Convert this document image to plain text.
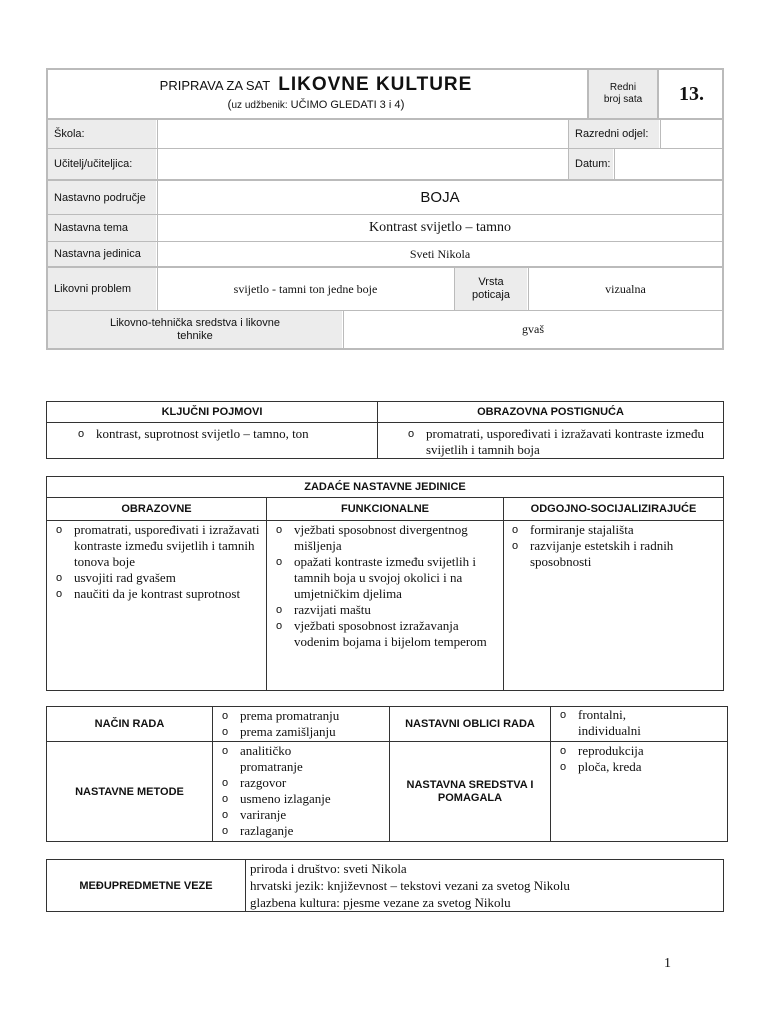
PRIPRAVA ZA SAT LIKOVNE KULTURE
(uz udžbenik: UČIMO GLEDATI 3 i 4)
Redni broj sata 13.
Škola:	Razredni odjel:
Učitelj/učiteljica:	Datum:
Nastavno područje	BOJA
Nastavna tema	Kontrast svijetlo – tamno
Nastavna jedinica	Sveti Nikola
Likovni problem	svijetlo - tamni ton jedne boje	Vrsta poticaja	vizualna
Likovno-tehnička sredstva i likovne tehnike	gvaš
KLJUČNI POJMOVI	OBRAZOVNA POSTIGNUĆA
o kontrast, suprotnost svijetlo – tamno, ton
o	promatrati, uspoređivati i izražavati kontraste između svijetlih i tamnih boja
ZADAĆE NASTAVNE JEDINICE
OBRAZOVNE	FUNKCIONALNE	ODGOJNO-SOCIJALIZIRAJUĆE
o promatrati, uspoređivati i izražavati kontraste između svijetlih i tamnih tonova boje
o usvojiti rad gvašem
o naučiti da je kontrast suprotnost
o vježbati sposobnost divergentnog mišljenja
o opažati kontraste između svijetlih i tamnih boja u svojoj okolici i na umjetničkim djelima
o razvijati maštu
o vježbati sposobnost izražavanja vodenim bojama i bijelom temperom
o formiranje stajališta
o razvijanje estetskih i radnih sposobnosti
NAČIN RADA
o prema promatranju
o prema zamišljanju	NASTAVNI OBLICI RADA
o frontalni, individualni
NASTAVNE METODE
o analitičko promatranje
o razgovor
o usmeno izlaganje
o variranje
o razlaganje
NASTAVNA SREDSTVA I POMAGALA
o reprodukcija
o ploča, kreda
MEĐUPREDMETNE VEZE
priroda i društvo: sveti Nikola
hrvatski jezik: književnost – tekstovi vezani za svetog Nikolu
glazbena kultura: pjesme vezane za svetog Nikolu
1
